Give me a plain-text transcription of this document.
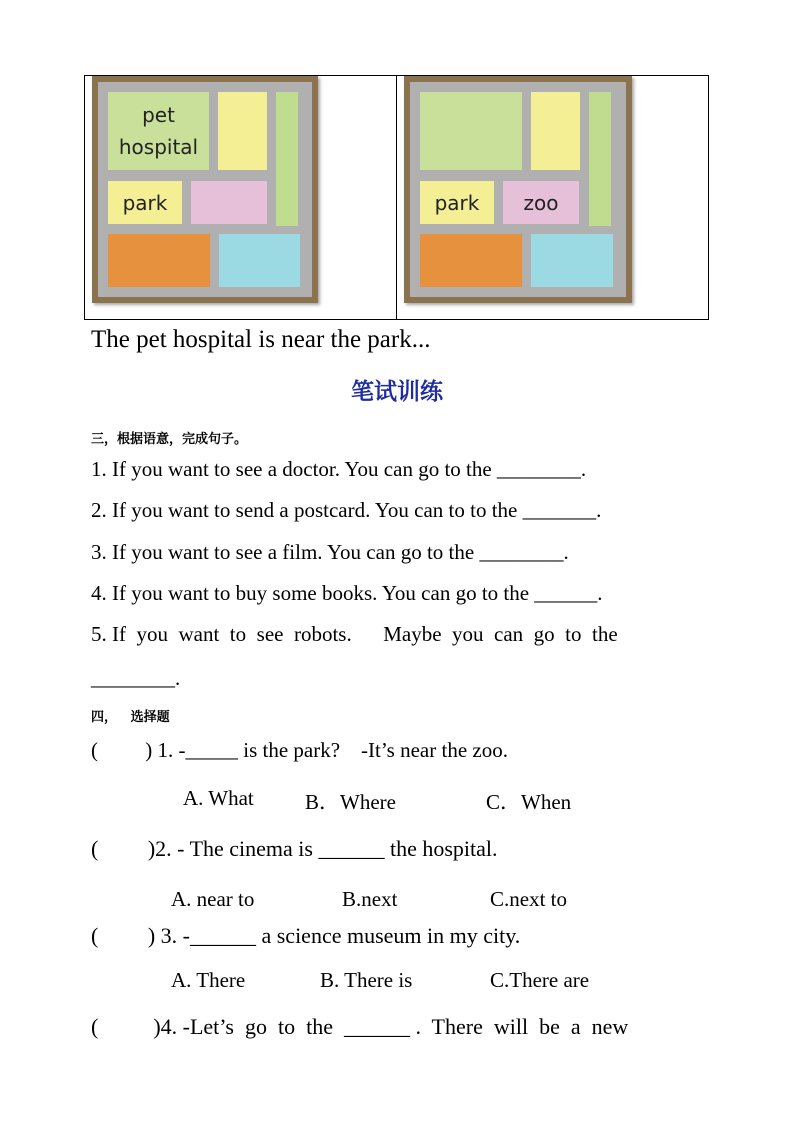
pet
hospital
park	park	zoo
The pet hospital is near the park...
笔试训练
三，根据语意，完成句子。
1. If you want to see a doctor. You can go to the ________.
2. If you want to send a postcard. You can to to the _______.
3. If you want to see a film. You can go to the ________.
4. If you want to buy some books. You can go to the ______.
5. If  you  want  to  see  robots.      Maybe  you  can  go  to  the
________.
四，   选择题
(         ) 1. -_____ is the park?    -It’s near the zoo.
A. What B．Where	C．When
(         )2. - The cinema is ______ the hospital.
A. near to	B.next	C.next to
(         ) 3. -______ a science museum in my city.
A. There	B. There is	C.There are
(          )4. -Let’s  go  to  the  ______ .  There  will  be  a  new
